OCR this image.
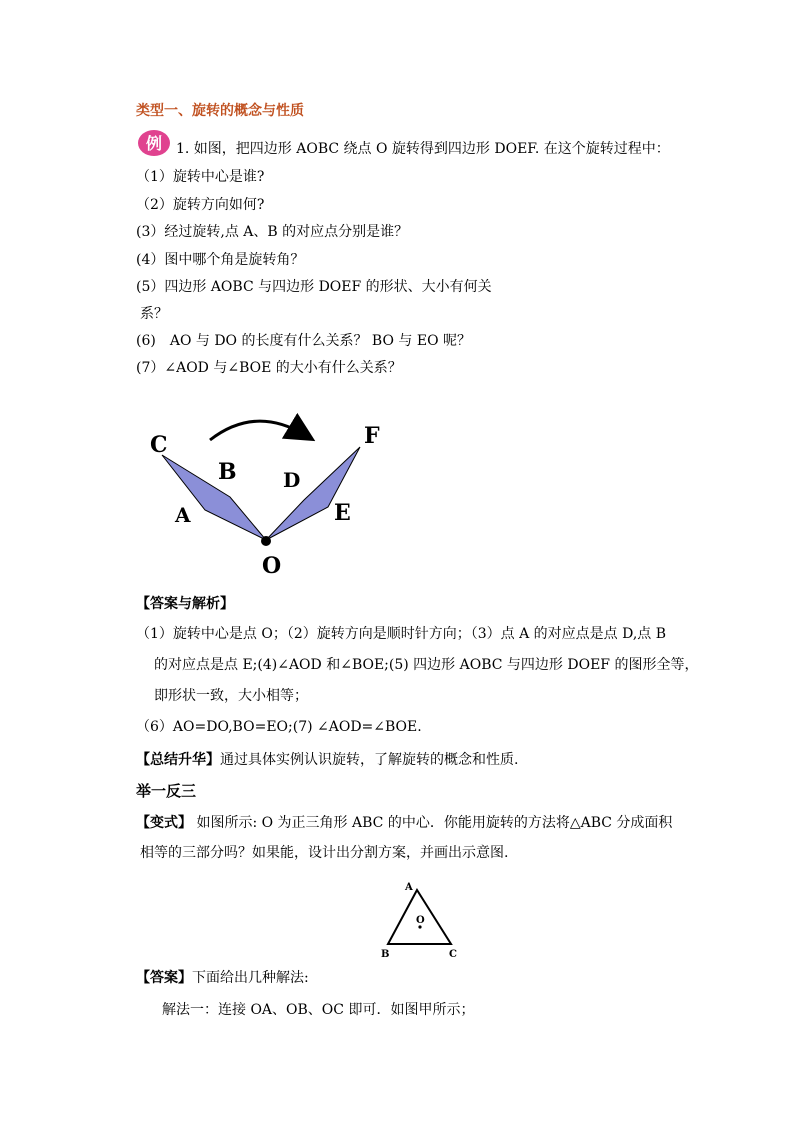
类型一、旋转的概念与性质
例 1. 如图，把四边形 AOBC 绕点 O 旋转得到四边形 DOEF. 在这个旋转过程中：
（1）旋转中心是谁?
（2）旋转方向如何?
(3）经过旋转,点 A、B 的对应点分别是谁？
(4）图中哪个角是旋转角？
(5）四边形 AOBC 与四边形 DOEF 的形状、大小有何关
系？
(6)　AO 与 DO 的长度有什么关系？ BO 与 EO 呢？
(7）∠AOD 与∠BOE 的大小有什么关系？
C
B
A
D
F
E
O
【答案与解析】
（1）旋转中心是点 O；（2）旋转方向是顺时针方向；（3）点 A 的对应点是点 D,点 B
的对应点是点 E;(4)∠AOD 和∠BOE;(5) 四边形 AOBC 与四边形 DOEF 的图形全等，
即形状一致，大小相等；
（6）AO=DO,BO=EO;(7) ∠AOD=∠BOE.
【总结升华】通过具体实例认识旋转，了解旋转的概念和性质.
举一反三
【变式】 如图所示: O 为正三角形 ABC 的中心．你能用旋转的方法将△ABC 分成面积
相等的三部分吗？如果能，设计出分割方案，并画出示意图.
A
B	C
O
【答案】下面给出几种解法:
解法一：连接 OA、OB、OC 即可．如图甲所示；
